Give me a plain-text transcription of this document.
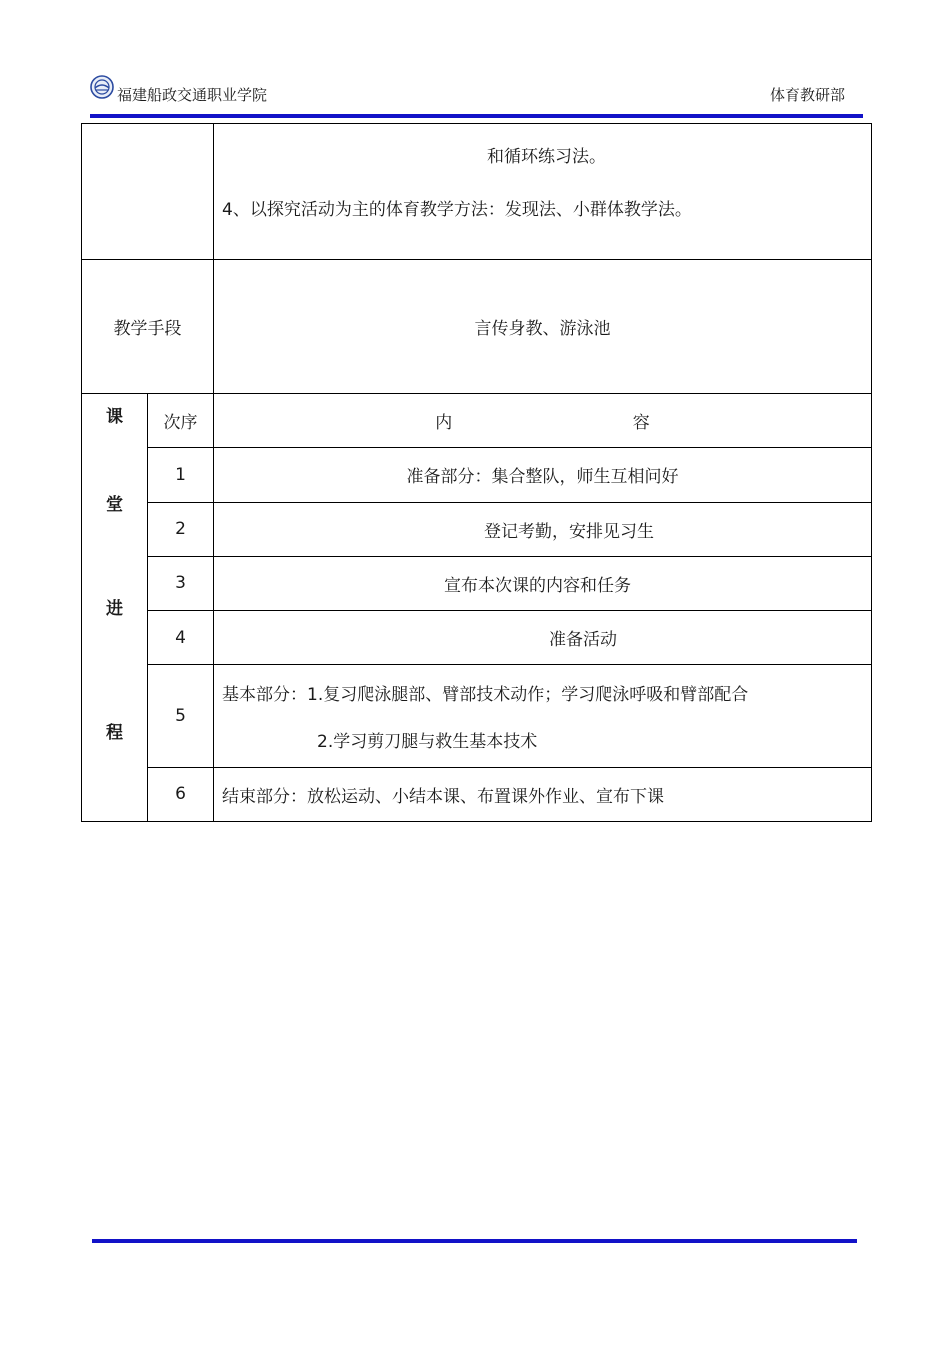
福建船政交通职业学院	体育教研部

		和循环练习法。

4、以探究活动为主的体育教学方法：发现法、小群体教学法。

教学手段		言传身教、游泳池

课
堂
进
程	次序	内 容
	1	准备部分：集合整队，师生互相问好
	2	登记考勤，安排见习生
	3	宣布本次课的内容和任务
	4	准备活动
	5	基本部分：1.复习爬泳腿部、臂部技术动作；学习爬泳呼吸和臂部配合

2.学习剪刀腿与救生基本技术

	6	结束部分：放松运动、小结本课、布置课外作业、宣布下课
